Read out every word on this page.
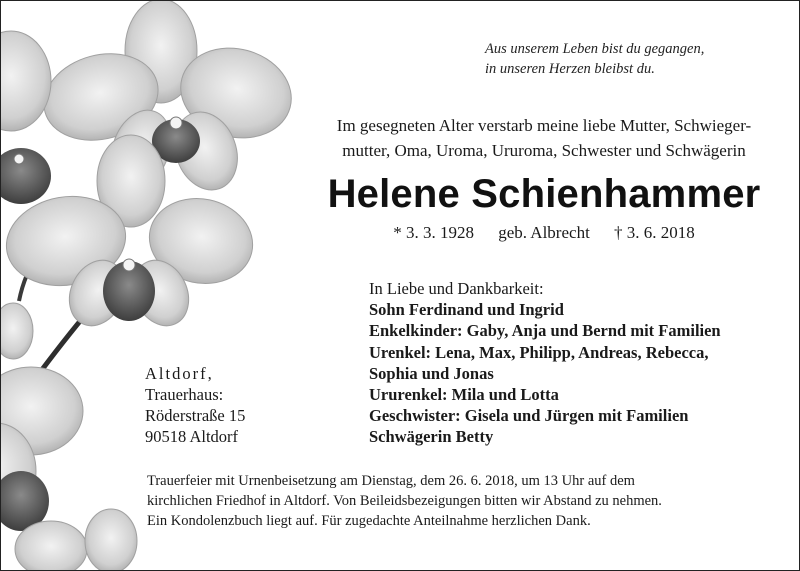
Aus unserem Leben bist du gegangen,
in unseren Herzen bleibst du.
Im gesegneten Alter verstarb meine liebe Mutter, Schwieger-
mutter, Oma, Uroma, Ururoma, Schwester und Schwägerin
Helene Schienhammer
* 3. 3. 1928 geb. Albrecht † 3. 6. 2018
In Liebe und Dankbarkeit:
Sohn Ferdinand und Ingrid
Enkelkinder: Gaby, Anja und Bernd mit Familien
Urenkel: Lena, Max, Philipp, Andreas, Rebecca,
Sophia und Jonas
Ururenkel: Mila und Lotta
Geschwister: Gisela und Jürgen mit Familien
Schwägerin Betty
Altdorf,
Trauerhaus:
Röderstraße 15
90518 Altdorf
Trauerfeier mit Urnenbeisetzung am Dienstag, dem 26. 6. 2018, um 13 Uhr auf dem
kirchlichen Friedhof in Altdorf. Von Beileidsbezeigungen bitten wir Abstand zu nehmen.
Ein Kondolenzbuch liegt auf. Für zugedachte Anteilnahme herzlichen Dank.
